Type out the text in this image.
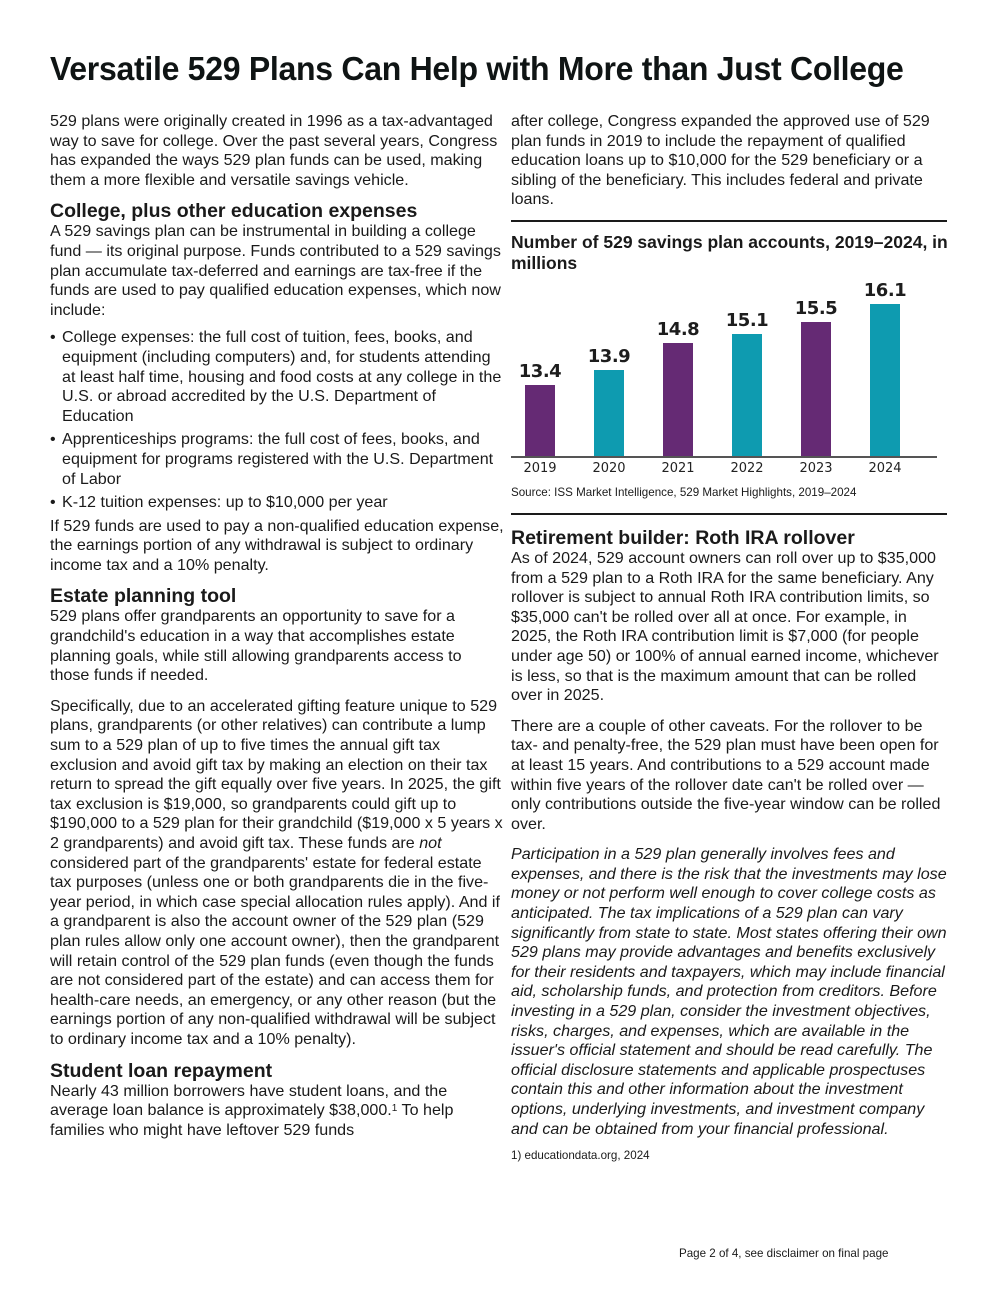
Versatile 529 Plans Can Help with More than Just College

529 plans were originally created in 1996 as a tax-advantaged way to save for college. Over the past several years, Congress has expanded the ways 529 plan funds can be used, making them a more flexible and versatile savings vehicle.

College, plus other education expenses

A 529 savings plan can be instrumental in building a college fund — its original purpose. Funds contributed to a 529 savings plan accumulate tax-deferred and earnings are tax-free if the funds are used to pay qualified education expenses, which now include:

• College expenses: the full cost of tuition, fees, books, and equipment (including computers) and, for students attending at least half time, housing and food costs at any college in the U.S. or abroad accredited by the U.S. Department of Education
• Apprenticeships programs: the full cost of fees, books, and equipment for programs registered with the U.S. Department of Labor
• K-12 tuition expenses: up to $10,000 per year

If 529 funds are used to pay a non-qualified education expense, the earnings portion of any withdrawal is subject to ordinary income tax and a 10% penalty.

Estate planning tool

529 plans offer grandparents an opportunity to save for a grandchild's education in a way that accomplishes estate planning goals, while still allowing grandparents access to those funds if needed.

Specifically, due to an accelerated gifting feature unique to 529 plans, grandparents (or other relatives) can contribute a lump sum to a 529 plan of up to five times the annual gift tax exclusion and avoid gift tax by making an election on their tax return to spread the gift equally over five years. In 2025, the gift tax exclusion is $19,000, so grandparents could gift up to $190,000 to a 529 plan for their grandchild ($19,000 x 5 years x 2 grandparents) and avoid gift tax. These funds are not considered part of the grandparents' estate for federal estate tax purposes (unless one or both grandparents die in the five-year period, in which case special allocation rules apply). And if a grandparent is also the account owner of the 529 plan (529 plan rules allow only one account owner), then the grandparent will retain control of the 529 plan funds (even though the funds are not considered part of the estate) and can access them for health-care needs, an emergency, or any other reason (but the earnings portion of any non-qualified withdrawal will be subject to ordinary income tax and a 10% penalty).

Student loan repayment

Nearly 43 million borrowers have student loans, and the average loan balance is approximately $38,000.$^1$ To help families who might have leftover 529 funds

after college, Congress expanded the approved use of 529 plan funds in 2019 to include the repayment of qualified education loans up to $10,000 for the 529 beneficiary or a sibling of the beneficiary. This includes federal and private loans.

Number of 529 savings plan accounts, 2019–2024, in millions
13.4
2019
13.9
2020
14.8
2021
15.1
2022
15.5
2023
16.1
2024
Source: ISS Market Intelligence, 529 Market Highlights, 2019–2024
Retirement builder: Roth IRA rollover

As of 2024, 529 account owners can roll over up to $35,000 from a 529 plan to a Roth IRA for the same beneficiary. Any rollover is subject to annual Roth IRA contribution limits, so $35,000 can't be rolled over all at once. For example, in 2025, the Roth IRA contribution limit is $7,000 (for people under age 50) or 100% of annual earned income, whichever is less, so that is the maximum amount that can be rolled over in 2025.

There are a couple of other caveats. For the rollover to be tax- and penalty-free, the 529 plan must have been open for at least 15 years. And contributions to a 529 account made within five years of the rollover date can't be rolled over — only contributions outside the five-year window can be rolled over.

Participation in a 529 plan generally involves fees and expenses, and there is the risk that the investments may lose money or not perform well enough to cover college costs as anticipated. The tax implications of a 529 plan can vary significantly from state to state. Most states offering their own 529 plans may provide advantages and benefits exclusively for their residents and taxpayers, which may include financial aid, scholarship funds, and protection from creditors. Before investing in a 529 plan, consider the investment objectives, risks, charges, and expenses, which are available in the issuer's official statement and should be read carefully. The official disclosure statements and applicable prospectuses contain this and other information about the investment options, underlying investments, and investment company and can be obtained from your financial professional.

1) educationdata.org, 2024
Page 2 of 4, see disclaimer on final page
